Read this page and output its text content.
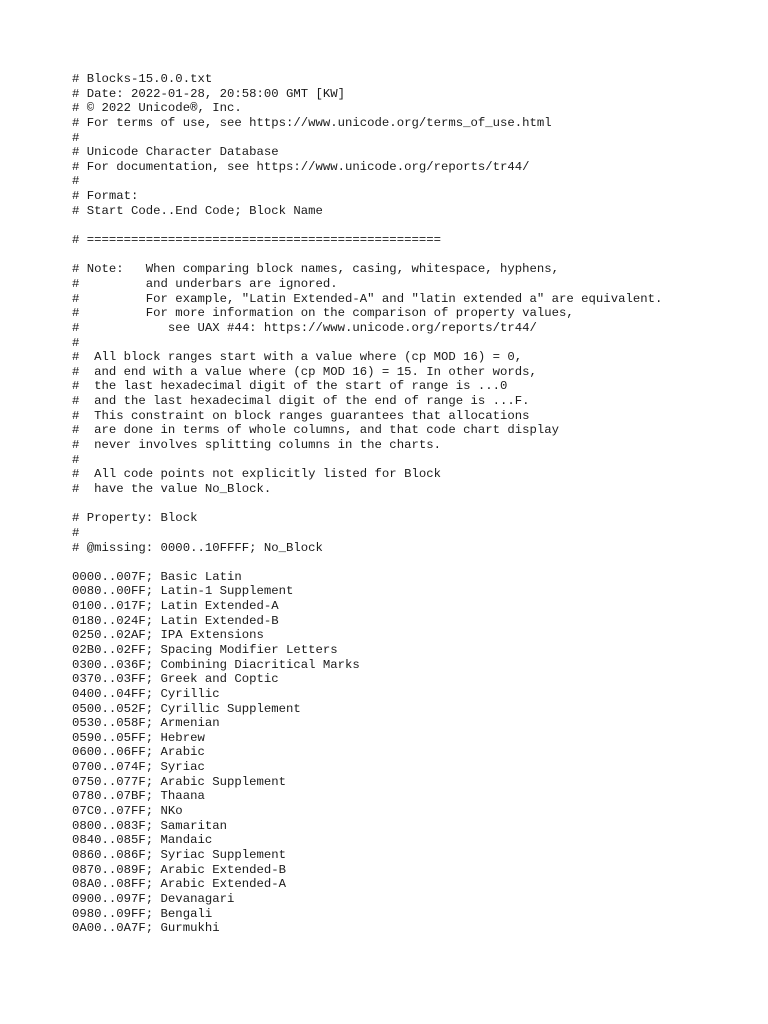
# Blocks-15.0.0.txt
# Date: 2022-01-28, 20:58:00 GMT [KW]
# © 2022 Unicode®, Inc.
# For terms of use, see https://www.unicode.org/terms_of_use.html
#
# Unicode Character Database
# For documentation, see https://www.unicode.org/reports/tr44/
#
# Format:
# Start Code..End Code; Block Name
# ================================================
# Note:   When comparing block names, casing, whitespace, hyphens,
#         and underbars are ignored.
#         For example, "Latin Extended-A" and "latin extended a" are equivalent.
#         For more information on the comparison of property values,
#            see UAX #44: https://www.unicode.org/reports/tr44/
#
#  All block ranges start with a value where (cp MOD 16) = 0,
#  and end with a value where (cp MOD 16) = 15. In other words,
#  the last hexadecimal digit of the start of range is ...0
#  and the last hexadecimal digit of the end of range is ...F.
#  This constraint on block ranges guarantees that allocations
#  are done in terms of whole columns, and that code chart display
#  never involves splitting columns in the charts.
#
#  All code points not explicitly listed for Block
#  have the value No_Block.
# Property: Block
#
# @missing: 0000..10FFFF; No_Block
0000..007F; Basic Latin
0080..00FF; Latin-1 Supplement
0100..017F; Latin Extended-A
0180..024F; Latin Extended-B
0250..02AF; IPA Extensions
02B0..02FF; Spacing Modifier Letters
0300..036F; Combining Diacritical Marks
0370..03FF; Greek and Coptic
0400..04FF; Cyrillic
0500..052F; Cyrillic Supplement
0530..058F; Armenian
0590..05FF; Hebrew
0600..06FF; Arabic
0700..074F; Syriac
0750..077F; Arabic Supplement
0780..07BF; Thaana
07C0..07FF; NKo
0800..083F; Samaritan
0840..085F; Mandaic
0860..086F; Syriac Supplement
0870..089F; Arabic Extended-B
08A0..08FF; Arabic Extended-A
0900..097F; Devanagari
0980..09FF; Bengali
0A00..0A7F; Gurmukhi
